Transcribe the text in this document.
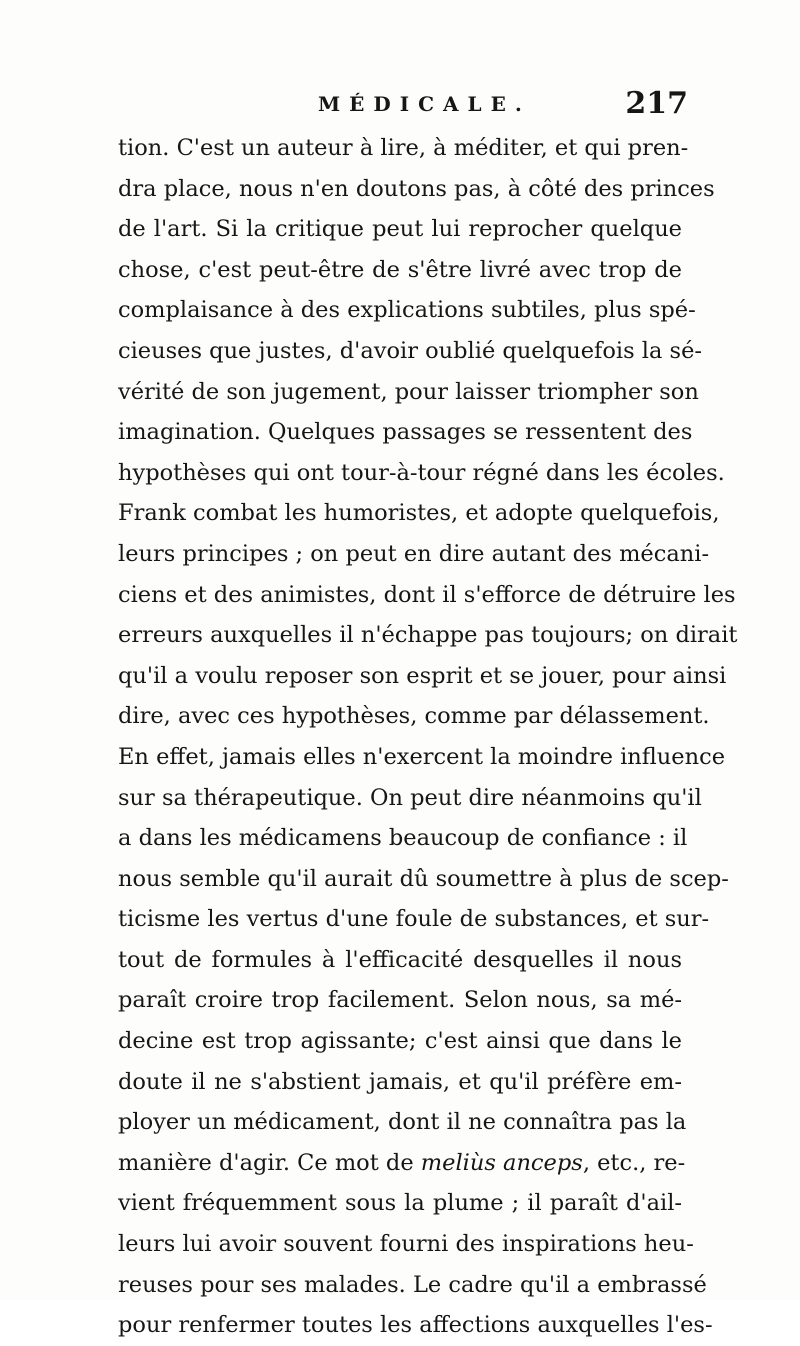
MÉDICALE.	217
tion. C'est un auteur à lire, à méditer, et qui pren-
dra place, nous n'en doutons pas, à côté des princes
de l'art. Si la critique peut lui reprocher quelque
chose, c'est peut-être de s'être livré avec trop de
complaisance à des explications subtiles, plus spé-
cieuses que justes, d'avoir oublié quelquefois la sé-
vérité de son jugement, pour laisser triompher son
imagination. Quelques passages se ressentent des
hypothèses qui ont tour-à-tour régné dans les écoles.
Frank combat les humoristes, et adopte quelquefois,
leurs principes ; on peut en dire autant des mécani-
ciens et des animistes, dont il s'efforce de détruire les
erreurs auxquelles il n'échappe pas toujours; on dirait
qu'il a voulu reposer son esprit et se jouer, pour ainsi
dire, avec ces hypothèses, comme par délassement.
En effet, jamais elles n'exercent la moindre influence
sur sa thérapeutique. On peut dire néanmoins qu'il
a dans les médicamens beaucoup de confiance : il
nous semble qu'il aurait dû soumettre à plus de scep-
ticisme les vertus d'une foule de substances, et sur-
tout de formules à l'efficacité desquelles il nous
paraît croire trop facilement. Selon nous, sa mé-
decine est trop agissante; c'est ainsi que dans le
doute il ne s'abstient jamais, et qu'il préfère em-
ployer un médicament, dont il ne connaîtra pas la
manière d'agir. Ce mot de meliùs anceps, etc., re-
vient fréquemment sous la plume ; il paraît d'ail-
leurs lui avoir souvent fourni des inspirations heu-
reuses pour ses malades. Le cadre qu'il a embrassé
pour renfermer toutes les affections auxquelles l'es-
